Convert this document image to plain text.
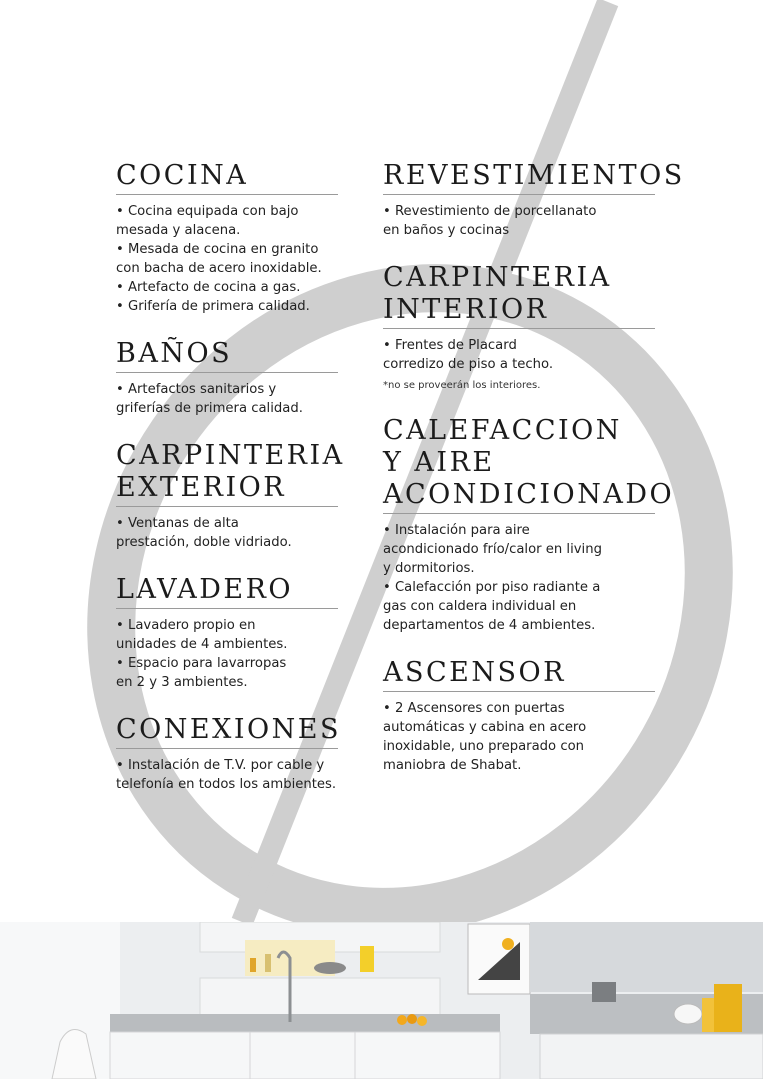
COCINA

• Cocina equipada con bajo
mesada y alacena.

• Mesada de cocina en granito
con bacha de acero inoxidable.

• Artefacto de cocina a gas.

• Grifería de primera calidad.

BAÑOS

• Artefactos sanitarios y
griferías de primera calidad.

CARPINTERIA
EXTERIOR

• Ventanas de alta
prestación, doble vidriado.

LAVADERO

• Lavadero propio en
unidades de 4 ambientes.

• Espacio para lavarropas
en 2 y 3 ambientes.

CONEXIONES

• Instalación de T.V. por cable y
telefonía en todos los ambientes.

REVESTIMIENTOS

• Revestimiento de porcellanato
en baños y cocinas

CARPINTERIA
INTERIOR

• Frentes de Placard
corredizo de piso a techo.

*no se proveerán los interiores.

CALEFACCION
Y AIRE
ACONDICIONADO

• Instalación para aire
acondicionado frío/calor en living
y dormitorios.

• Calefacción por piso radiante a
gas con caldera individual en
departamentos de 4 ambientes.

ASCENSOR

• 2 Ascensores con puertas
automáticas y cabina en acero
inoxidable, uno preparado con
maniobra de Shabat.
